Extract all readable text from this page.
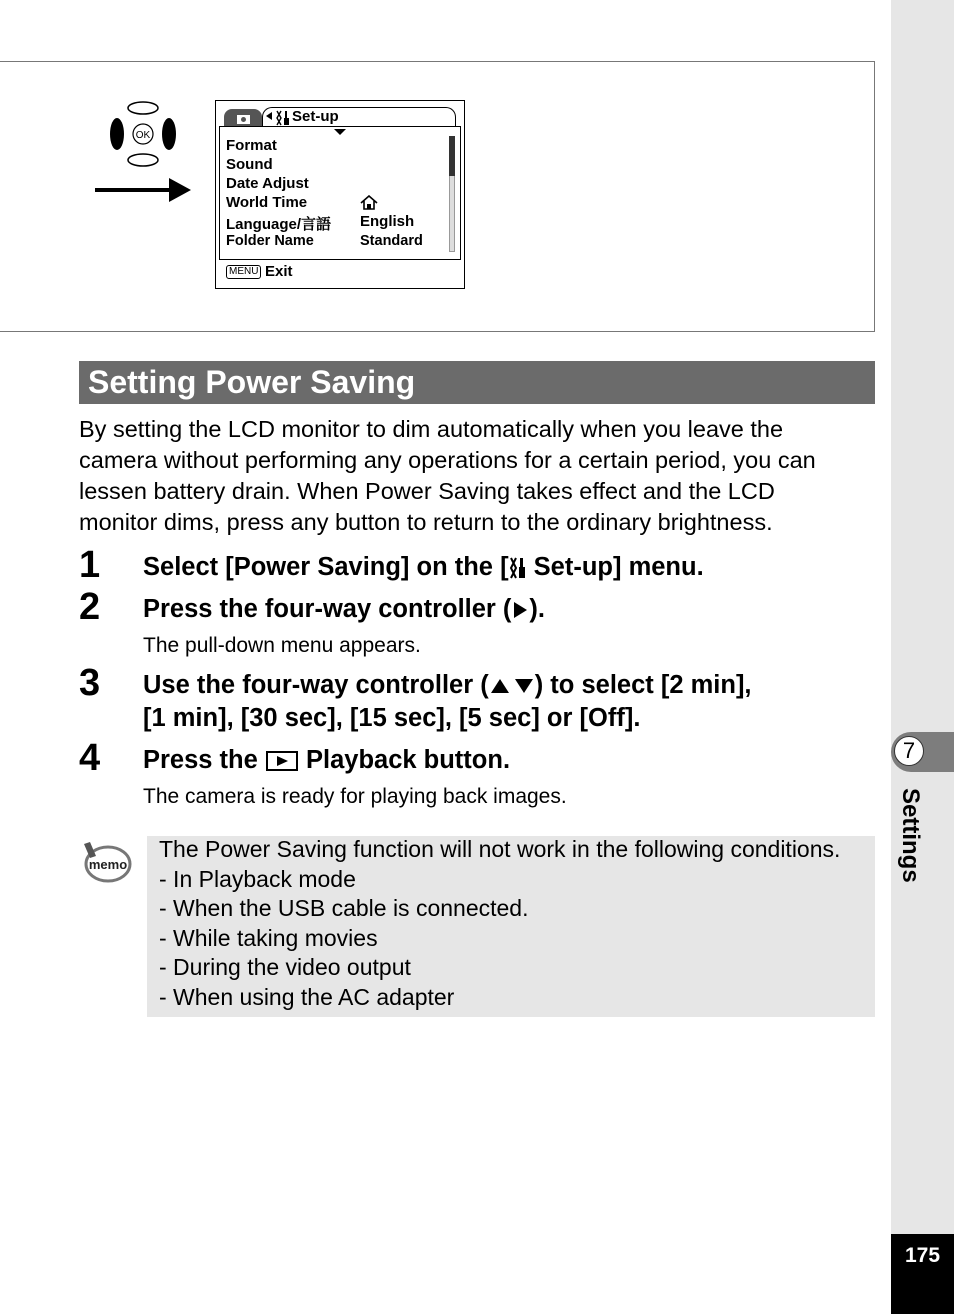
7
Settings
175
OK
Set-up
Format
Sound
Date Adjust
World Time
Language/言語 English
Folder Name	Standard
MENU Exit
Setting Power Saving

By setting the LCD monitor to dim automatically when you leave the

camera without performing any operations for a certain period, you can

lessen battery drain. When Power Saving takes effect and the LCD

monitor dims, press any button to return to the ordinary brightness.

1 Select [Power Saving] on the [ Set-up] menu.
2 Press the four-way controller ( ).
The pull-down menu appears.
3 Use the four-way controller ( ) to select [2 min],
[1 min], [30 sec], [15 sec], [5 sec] or [Off].
4 Press the  Playback button.
The camera is ready for playing back images.
memo
The Power Saving function will not work in the following conditions.
- In Playback mode
- When the USB cable is connected.
- While taking movies
- During the video output
- When using the AC adapter
